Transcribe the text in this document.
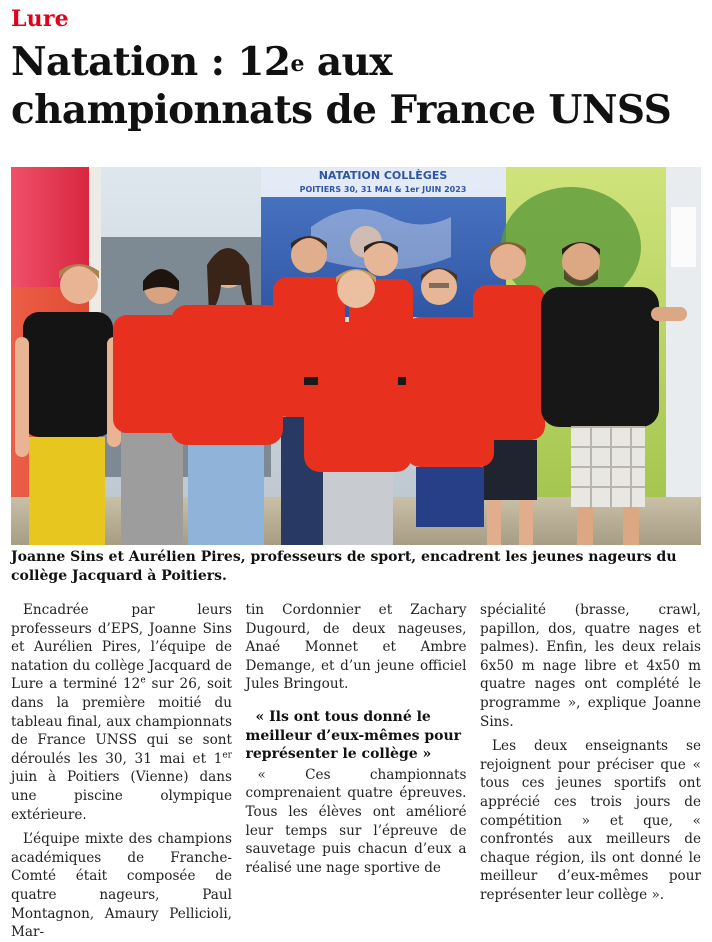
Lure
Natation : 12e aux championnats de France UNSS
NATATION COLLÈGES
POITIERS 30, 31 MAI & 1er JUIN 2023
Joanne Sins et Aurélien Pires, professeurs de sport, encadrent les jeunes nageurs du collège Jacquard à Poitiers.

Encadrée par leurs professeurs d’EPS, Joanne Sins et Aurélien Pires, l’équipe de natation du collège Jacquard de Lure a terminé 12e sur 26, soit dans la première moitié du tableau final, aux championnats de France UNSS qui se sont déroulés les 30, 31 mai et 1er juin à Poitiers (Vienne) dans une piscine olympique extérieure.

L’équipe mixte des champions académiques de Franche-Comté était composée de quatre nageurs, Paul Montagnon, Amaury Pellicioli, Mar-

tin Cordonnier et Zachary Dugourd, de deux nageuses, Anaé Monnet et Ambre Demange, et d’un jeune officiel Jules Bringout.

« Ils ont tous donné le meilleur d’eux-mêmes pour représenter le collège »

« Ces championnats comprenaient quatre épreuves. Tous les élèves ont amélioré leur temps sur l’épreuve de sauvetage puis chacun d’eux a réalisé une nage sportive de

spécialité (brasse, crawl, papillon, dos, quatre nages et palmes). Enfin, les deux relais 6x50 m nage libre et 4x50 m quatre nages ont complété le programme », explique Joanne Sins.

Les deux enseignants se rejoignent pour préciser que « tous ces jeunes sportifs ont apprécié ces trois jours de compétition » et que, « confrontés aux meilleurs de chaque région, ils ont donné le meilleur d’eux-mêmes pour représenter leur collège ».
